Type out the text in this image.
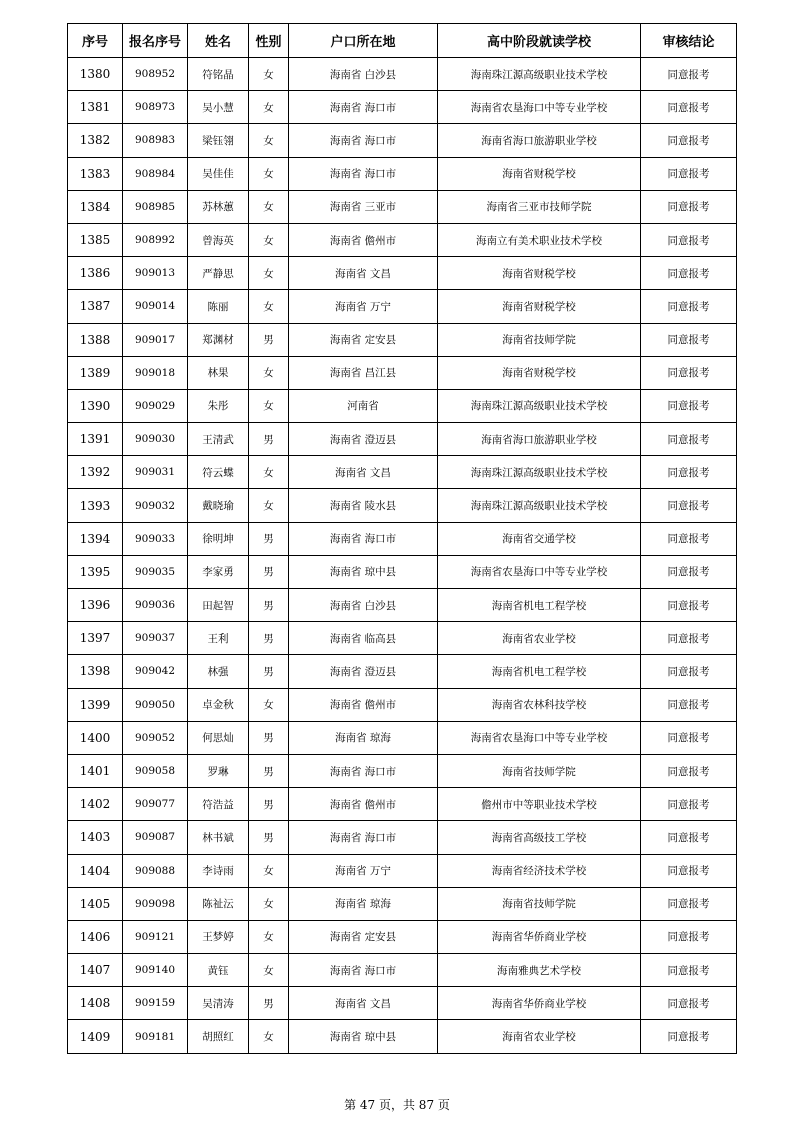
序号	报名序号	姓名	性别	户口所在地	高中阶段就读学校	审核结论
1380	908952	符铭晶	女	海南省 白沙县	海南珠江源高级职业技术学校	同意报考
1381	908973	吴小慧	女	海南省 海口市	海南省农垦海口中等专业学校	同意报考
1382	908983	梁钰翎	女	海南省 海口市	海南省海口旅游职业学校	同意报考
1383	908984	吴佳佳	女	海南省 海口市	海南省财税学校	同意报考
1384	908985	苏林蕙	女	海南省 三亚市	海南省三亚市技师学院	同意报考
1385	908992	曾海英	女	海南省 儋州市	海南立有美术职业技术学校	同意报考
1386	909013	严静思	女	海南省 文昌	海南省财税学校	同意报考
1387	909014	陈丽	女	海南省 万宁	海南省财税学校	同意报考
1388	909017	郑渊材	男	海南省 定安县	海南省技师学院	同意报考
1389	909018	林果	女	海南省 昌江县	海南省财税学校	同意报考
1390	909029	朱彤	女	河南省	海南珠江源高级职业技术学校	同意报考
1391	909030	王清武	男	海南省 澄迈县	海南省海口旅游职业学校	同意报考
1392	909031	符云蝶	女	海南省 文昌	海南珠江源高级职业技术学校	同意报考
1393	909032	戴晓瑜	女	海南省 陵水县	海南珠江源高级职业技术学校	同意报考
1394	909033	徐明坤	男	海南省 海口市	海南省交通学校	同意报考
1395	909035	李家勇	男	海南省 琼中县	海南省农垦海口中等专业学校	同意报考
1396	909036	田起智	男	海南省 白沙县	海南省机电工程学校	同意报考
1397	909037	王利	男	海南省 临高县	海南省农业学校	同意报考
1398	909042	林强	男	海南省 澄迈县	海南省机电工程学校	同意报考
1399	909050	卓金秋	女	海南省 儋州市	海南省农林科技学校	同意报考
1400	909052	何思灿	男	海南省 琼海	海南省农垦海口中等专业学校	同意报考
1401	909058	罗琳	男	海南省 海口市	海南省技师学院	同意报考
1402	909077	符浩益	男	海南省 儋州市	儋州市中等职业技术学校	同意报考
1403	909087	林书斌	男	海南省 海口市	海南省高级技工学校	同意报考
1404	909088	李诗雨	女	海南省 万宁	海南省经济技术学校	同意报考
1405	909098	陈祉沄	女	海南省 琼海	海南省技师学院	同意报考
1406	909121	王梦婷	女	海南省 定安县	海南省华侨商业学校	同意报考
1407	909140	黄钰	女	海南省 海口市	海南雅典艺术学校	同意报考
1408	909159	吴清涛	男	海南省 文昌	海南省华侨商业学校	同意报考
1409	909181	胡照红	女	海南省 琼中县	海南省农业学校	同意报考
第 47 页，共 87 页
